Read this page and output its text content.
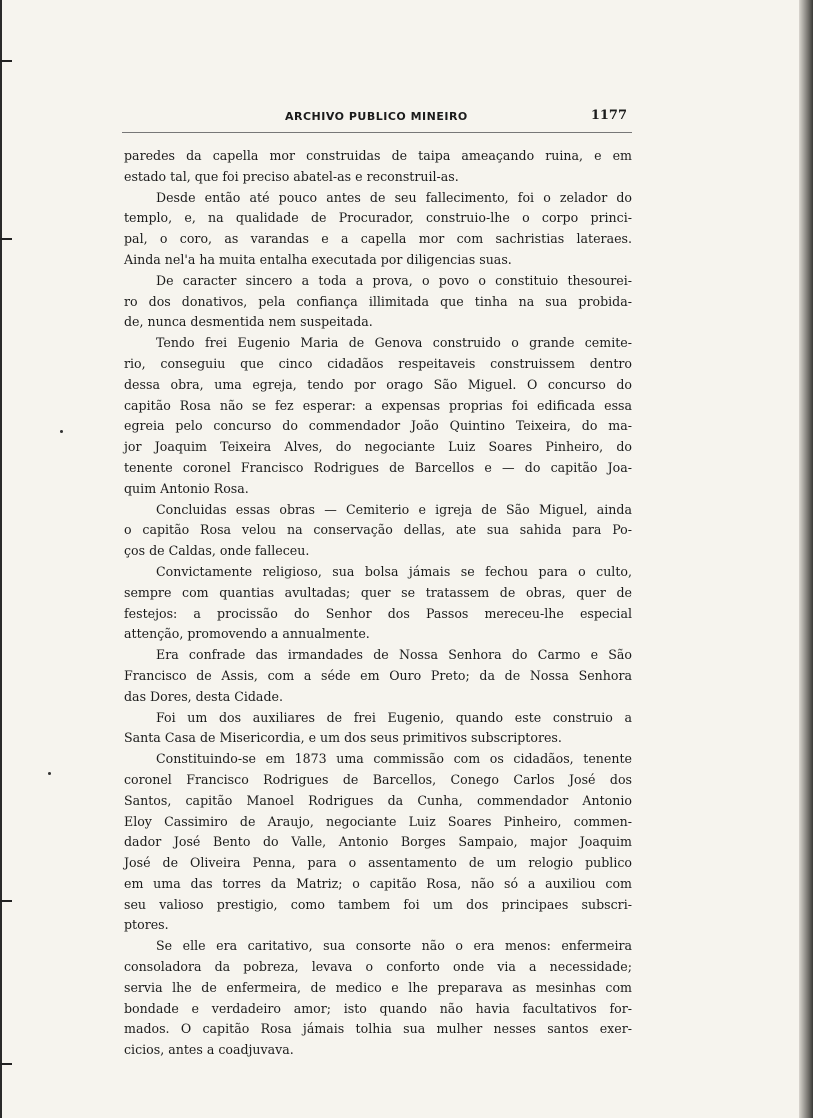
ARCHIVO PUBLICO MINEIRO	1177

paredes da capella mor construidas de taipa ameaçando ruina, e em
estado tal, que foi preciso abatel-as e reconstruil-as.

Desde então até pouco antes de seu fallecimento, foi o zelador do
templo, e, na qualidade de Procurador, construio-lhe o corpo princi-
pal, o coro, as varandas e a capella mor com sachristias lateraes.
Ainda nel'a ha muita entalha executada por diligencias suas.

De caracter sincero a toda a prova, o povo o constituio thesourei-
ro dos donativos, pela confiança illimitada que tinha na sua probida-
de, nunca desmentida nem suspeitada.

Tendo frei Eugenio Maria de Genova construido o grande cemite-
rio, conseguiu que cinco cidadãos respeitaveis construissem dentro
dessa obra, uma egreja, tendo por orago São Miguel. O concurso do
capitão Rosa não se fez esperar: a expensas proprias foi edificada essa
egreia pelo concurso do commendador João Quintino Teixeira, do ma-
jor Joaquim Teixeira Alves, do negociante Luiz Soares Pinheiro, do
tenente coronel Francisco Rodrigues de Barcellos e — do capitão Joa-
quim Antonio Rosa.

Concluidas essas obras — Cemiterio e igreja de São Miguel, ainda
o capitão Rosa velou na conservação dellas, ate sua sahida para Po-
ços de Caldas, onde falleceu.

Convictamente religioso, sua bolsa jámais se fechou para o culto,
sempre com quantias avultadas; quer se tratassem de obras, quer de
festejos: a procissão do Senhor dos Passos mereceu-lhe especial
attenção, promovendo a annualmente.

Era confrade das irmandades de Nossa Senhora do Carmo e São
Francisco de Assis, com a séde em Ouro Preto; da de Nossa Senhora
das Dores, desta Cidade.

Foi um dos auxiliares de frei Eugenio, quando este construio a
Santa Casa de Misericordia, e um dos seus primitivos subscriptores.

Constituindo-se em 1873 uma commissão com os cidadãos, tenente
coronel Francisco Rodrigues de Barcellos, Conego Carlos José dos
Santos, capitão Manoel Rodrigues da Cunha, commendador Antonio
Eloy Cassimiro de Araujo, negociante Luiz Soares Pinheiro, commen-
dador José Bento do Valle, Antonio Borges Sampaio, major Joaquim
José de Oliveira Penna, para o assentamento de um relogio publico
em uma das torres da Matriz; o capitão Rosa, não só a auxiliou com
seu valioso prestigio, como tambem foi um dos principaes subscri-
ptores.

Se elle era caritativo, sua consorte não o era menos: enfermeira
consoladora da pobreza, levava o conforto onde via a necessidade;
servia lhe de enfermeira, de medico e lhe preparava as mesinhas com
bondade e verdadeiro amor; isto quando não havia facultativos for-
mados. O capitão Rosa jámais tolhia sua mulher nesses santos exer-
cicios, antes a coadjuvava.
